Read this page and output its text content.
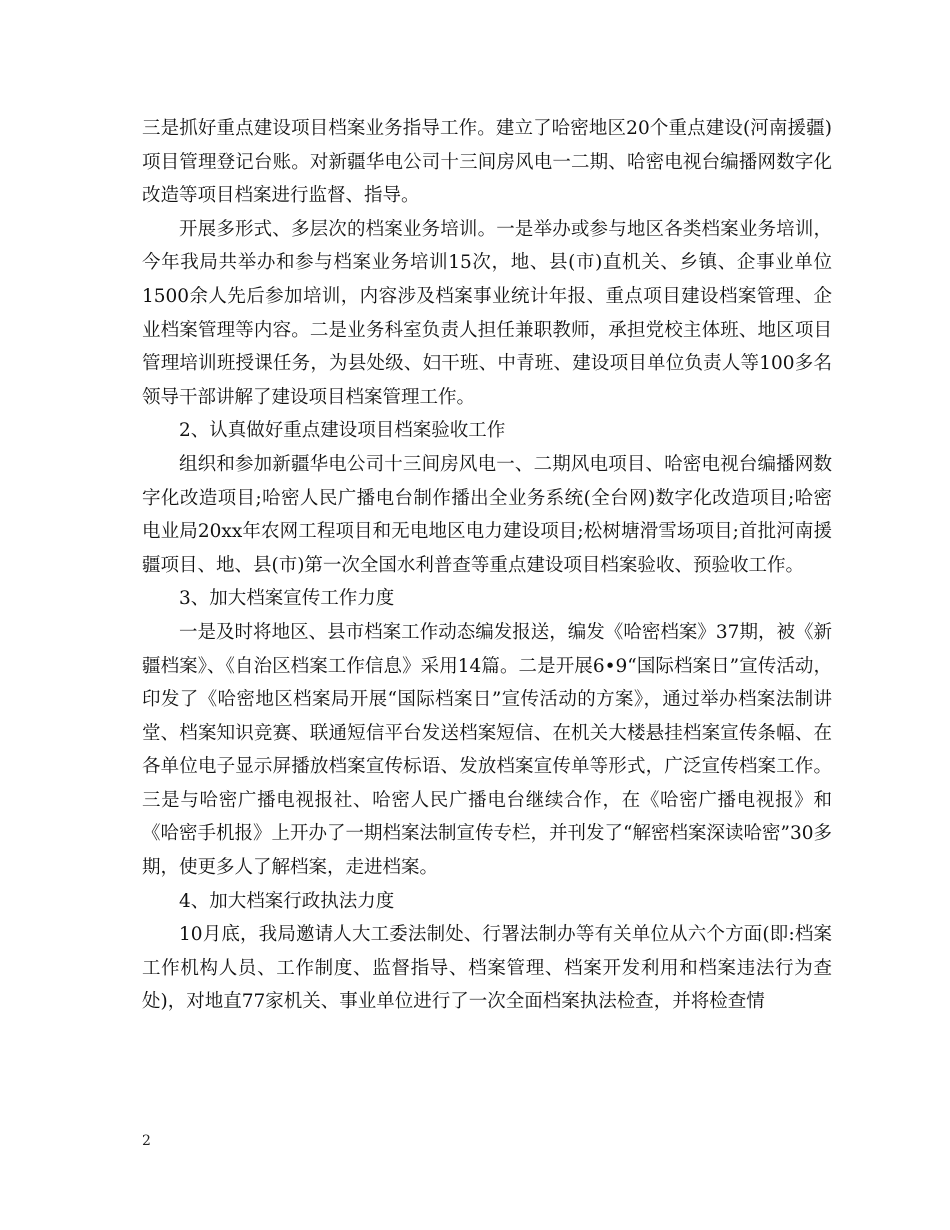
三是抓好重点建设项目档案业务指导工作。建立了哈密地区20个重点建设(河南援疆)项目管理登记台账。对新疆华电公司十三间房风电一二期、哈密电视台编播网数字化改造等项目档案进行监督、指导。

开展多形式、多层次的档案业务培训。一是举办或参与地区各类档案业务培训，今年我局共举办和参与档案业务培训15次，地、县(市)直机关、乡镇、企事业单位1500余人先后参加培训，内容涉及档案事业统计年报、重点项目建设档案管理、企业档案管理等内容。二是业务科室负责人担任兼职教师，承担党校主体班、地区项目管理培训班授课任务，为县处级、妇干班、中青班、建设项目单位负责人等100多名领导干部讲解了建设项目档案管理工作。

2、认真做好重点建设项目档案验收工作

组织和参加新疆华电公司十三间房风电一、二期风电项目、哈密电视台编播网数字化改造项目;哈密人民广播电台制作播出全业务系统(全台网)数字化改造项目;哈密电业局20xx年农网工程项目和无电地区电力建设项目;松树塘滑雪场项目;首批河南援疆项目、地、县(市)第一次全国水利普查等重点建设项目档案验收、预验收工作。

3、加大档案宣传工作力度

一是及时将地区、县市档案工作动态编发报送，编发《哈密档案》37期，被《新疆档案》、《自治区档案工作信息》采用14篇。二是开展6•9“国际档案日”宣传活动，印发了《哈密地区档案局开展“国际档案日”宣传活动的方案》，通过举办档案法制讲堂、档案知识竞赛、联通短信平台发送档案短信、在机关大楼悬挂档案宣传条幅、在各单位电子显示屏播放档案宣传标语、发放档案宣传单等形式，广泛宣传档案工作。三是与哈密广播电视报社、哈密人民广播电台继续合作，在《哈密广播电视报》和《哈密手机报》上开办了一期档案法制宣传专栏，并刊发了“解密档案深读哈密”30多期，使更多人了解档案，走进档案。

4、加大档案行政执法力度

10月底，我局邀请人大工委法制处、行署法制办等有关单位从六个方面(即:档案工作机构人员、工作制度、监督指导、档案管理、档案开发利用和档案违法行为查处)，对地直77家机关、事业单位进行了一次全面档案执法检查，并将检查情

2
